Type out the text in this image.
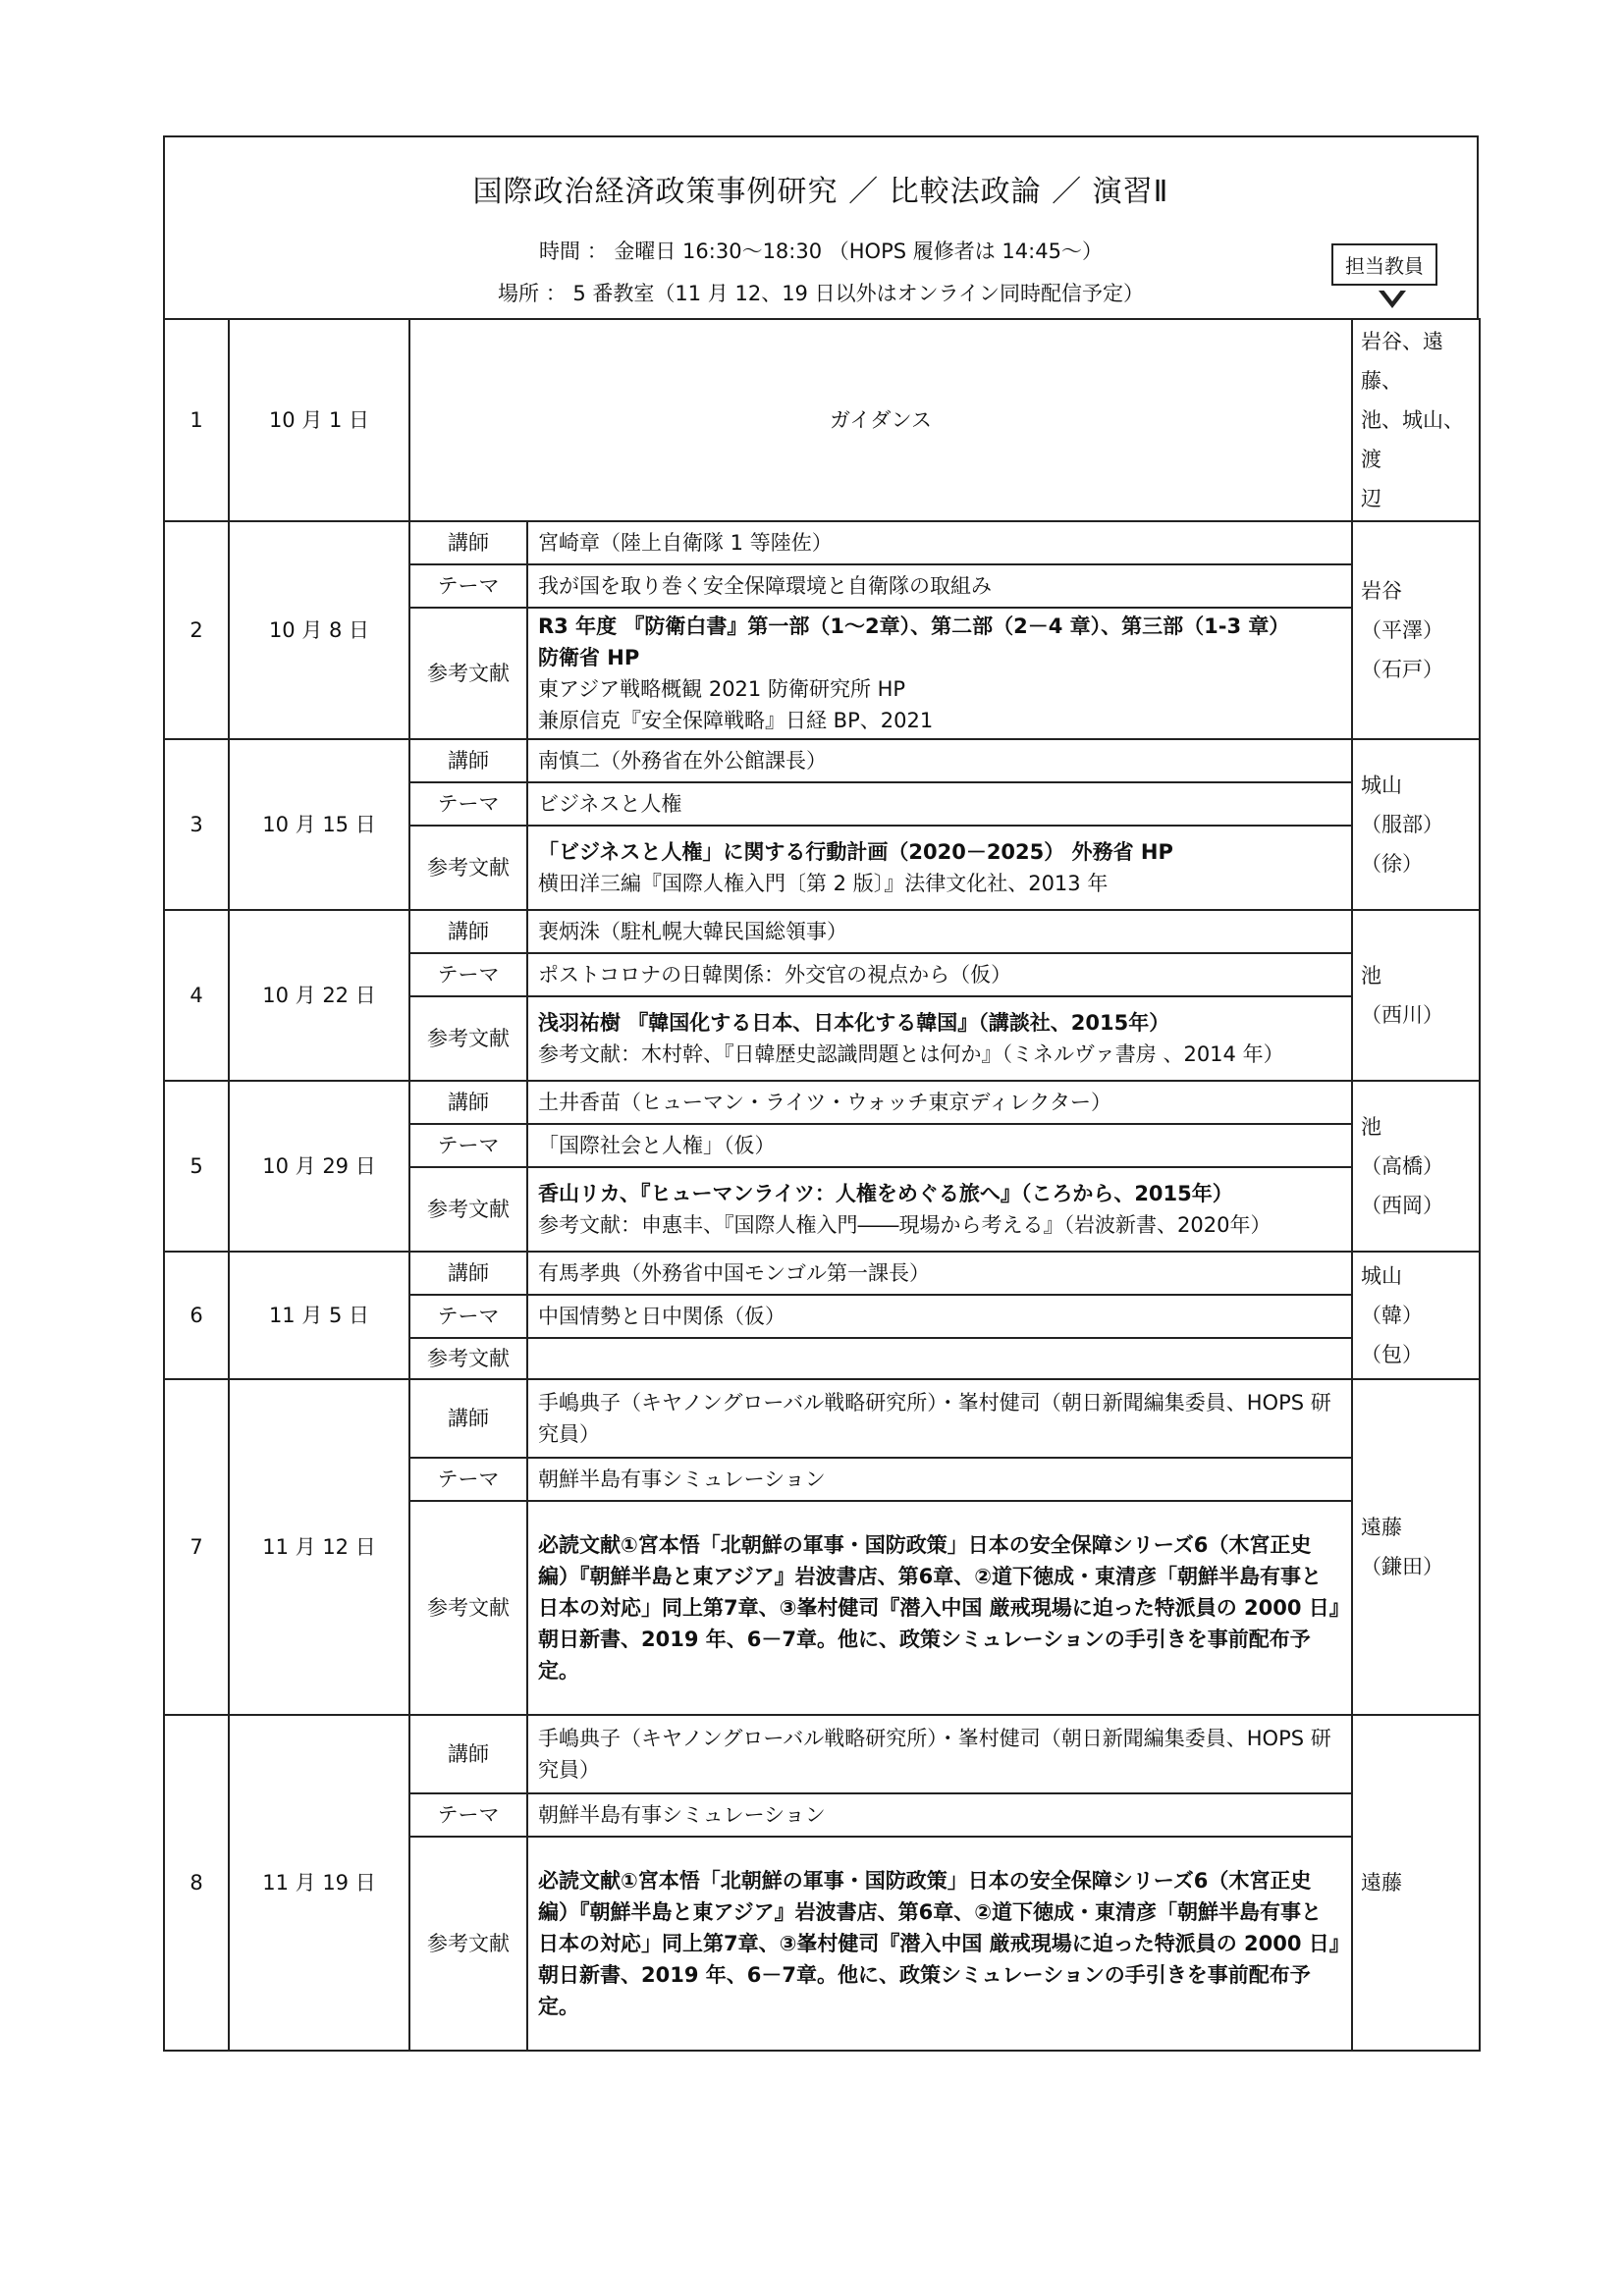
国際政治経済政策事例研究 ／ 比較法政論 ／ 演習Ⅱ
時間 ： 金曜日 16:30～18:30 （HOPS 履修者は 14:45～）
場所 ： 5 番教室（11 月 12、19 日以外はオンライン同時配信予定）
担当教員
1	10 月 1 日	ガイダンス		岩谷、遠藤、
池、城山、渡
辺

2	10 月 8 日	講師	宮崎章（陸上自衛隊 1 等陸佐）	岩谷
（平澤）
（石戸）

		テーマ	我が国を取り巻く安全保障環境と自衛隊の取組み	
		参考文献	R3 年度 『防衛白書』第一部（1～2章）、第二部（2－4 章）、第三部（1-3 章）
防衛省 HP
東アジア戦略概観 2021 防衛研究所 HP
兼原信克『安全保障戦略』日経 BP、2021	

3	10 月 15 日	講師	南慎二（外務省在外公館課長）	城山
（服部）
（徐）

		テーマ	ビジネスと人権	
		参考文献	「ビジネスと人権」に関する行動計画（2020－2025） 外務省 HP
横田洋三編『国際人権入門〔第 2 版〕』法律文化社、2013 年	

4	10 月 22 日	講師	裵炳洙（駐札幌大韓民国総領事）	池
（西川）

		テーマ	ポストコロナの日韓関係：外交官の視点から（仮）	
		参考文献	浅羽祐樹 『韓国化する日本、日本化する韓国』（講談社、2015年）
参考文献：木村幹、『日韓歴史認識問題とは何か』（ミネルヴァ書房 、2014 年）	

5	10 月 29 日	講師	土井香苗（ヒューマン・ライツ・ウォッチ東京ディレクター）	池
（高橋）
（西岡）

		テーマ	「国際社会と人権」（仮）	
		参考文献	香山リカ、『ヒューマンライツ：人権をめぐる旅へ』（ころから、2015年）
参考文献：申惠丰、『国際人権入門――現場から考える』（岩波新書、2020年）	

6	11 月 5 日	講師	有馬孝典（外務省中国モンゴル第一課長）	城山
（韓）
（包）

		テーマ	中国情勢と日中関係（仮）	
		参考文献		
7	11 月 12 日	講師	手嶋典子（キヤノングローバル戦略研究所）・峯村健司（朝日新聞編集委員、HOPS 研究員）	遠藤
（鎌田）

		テーマ	朝鮮半島有事シミュレーション	
		参考文献	必読文献①宮本悟「北朝鮮の軍事・国防政策」日本の安全保障シリーズ6（木宮正史編）『朝鮮半島と東アジア』岩波書店、第6章、②道下徳成・東清彦「朝鮮半島有事と日本の対応」同上第7章、③峯村健司『潜入中国 厳戒現場に迫った特派員の 2000 日』朝日新書、2019 年、6－7章。他に、政策シミュレーションの手引きを事前配布予定。	

8	11 月 19 日	講師	手嶋典子（キヤノングローバル戦略研究所）・峯村健司（朝日新聞編集委員、HOPS 研究員）	遠藤

		テーマ	朝鮮半島有事シミュレーション	
		参考文献	必読文献①宮本悟「北朝鮮の軍事・国防政策」日本の安全保障シリーズ6（木宮正史編）『朝鮮半島と東アジア』岩波書店、第6章、②道下徳成・東清彦「朝鮮半島有事と日本の対応」同上第7章、③峯村健司『潜入中国 厳戒現場に迫った特派員の 2000 日』朝日新書、2019 年、6－7章。他に、政策シミュレーションの手引きを事前配布予定。	
